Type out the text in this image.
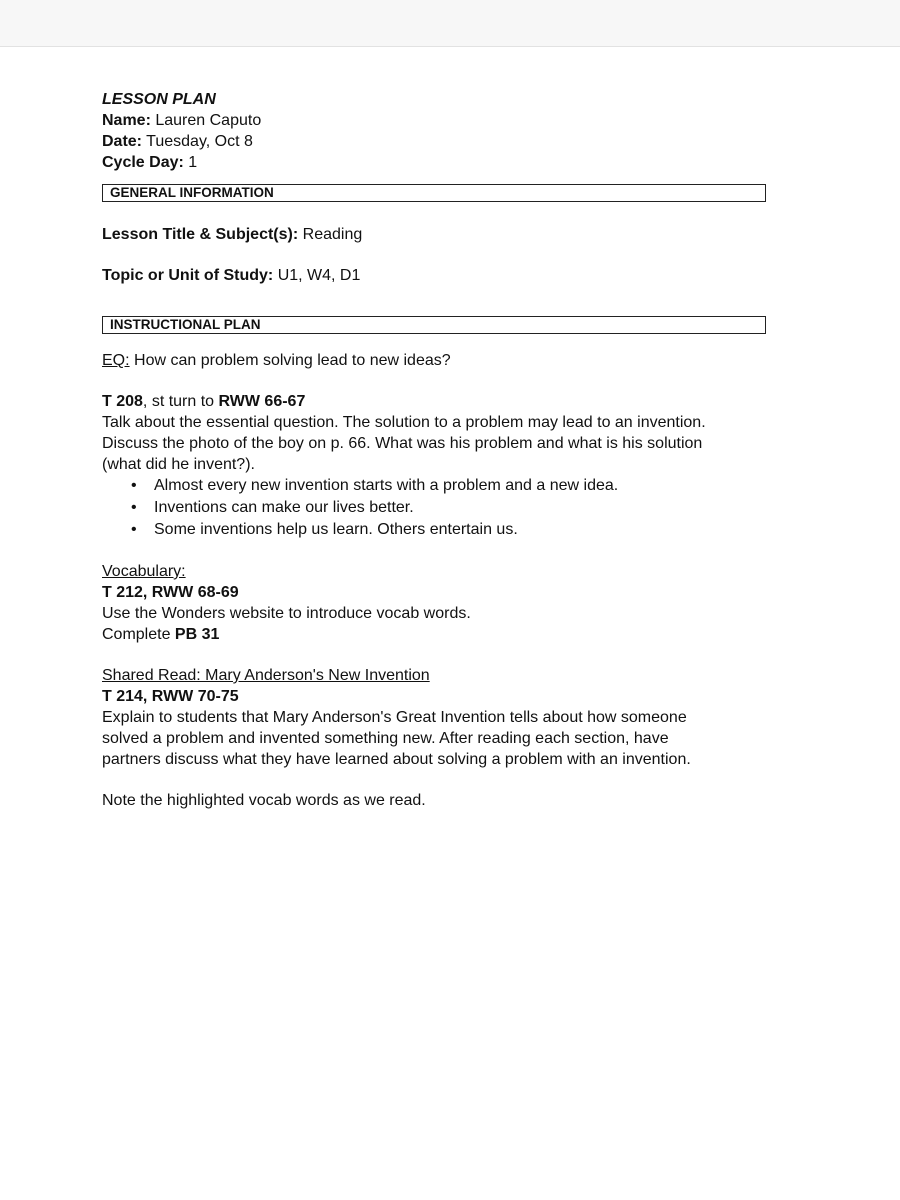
LESSON PLAN
Name: Lauren Caputo
Date: Tuesday, Oct 8
Cycle Day: 1
GENERAL INFORMATION
Lesson Title & Subject(s): Reading
Topic or Unit of Study: U1, W4, D1
INSTRUCTIONAL PLAN
EQ: How can problem solving lead to new ideas?
T 208, st turn to RWW 66-67
Talk about the essential question. The solution to a problem may lead to an invention.
Discuss the photo of the boy on p. 66. What was his problem and what is his solution
(what did he invent?).
• Almost every new invention starts with a problem and a new idea.
• Inventions can make our lives better.
• Some inventions help us learn. Others entertain us.
Vocabulary:
T 212, RWW 68-69
Use the Wonders website to introduce vocab words.
Complete PB 31
Shared Read: Mary Anderson's New Invention
T 214, RWW 70-75
Explain to students that Mary Anderson's Great Invention tells about how someone
solved a problem and invented something new. After reading each section, have
partners discuss what they have learned about solving a problem with an invention.
Note the highlighted vocab words as we read.
